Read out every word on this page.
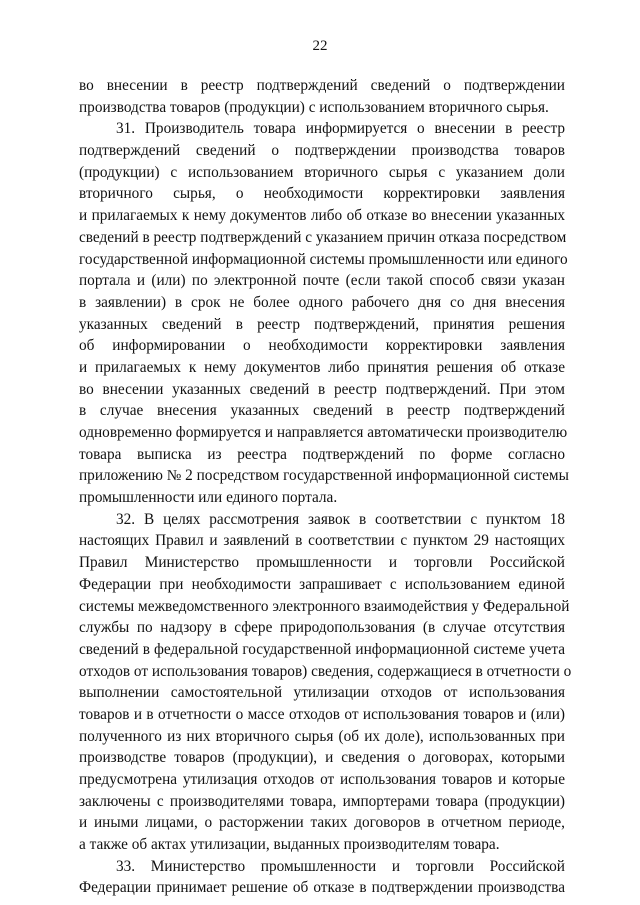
22
во внесении в реестр подтверждений сведений о подтверждении
производства товаров (продукции) с использованием вторичного сырья.
31. Производитель товара информируется о внесении в реестр
подтверждений сведений о подтверждении производства товаров
(продукции) с использованием вторичного сырья с указанием доли
вторичного сырья, о необходимости корректировки заявления
и прилагаемых к нему документов либо об отказе во внесении указанных
сведений в реестр подтверждений с указанием причин отказа посредством
государственной информационной системы промышленности или единого
портала и (или) по электронной почте (если такой способ связи указан
в заявлении) в срок не более одного рабочего дня со дня внесения
указанных сведений в реестр подтверждений, принятия решения
об информировании о необходимости корректировки заявления
и прилагаемых к нему документов либо принятия решения об отказе
во внесении указанных сведений в реестр подтверждений. При этом
в случае внесения указанных сведений в реестр подтверждений
одновременно формируется и направляется автоматически производителю
товара выписка из реестра подтверждений по форме согласно
приложению № 2 посредством государственной информационной системы
промышленности или единого портала.
32. В целях рассмотрения заявок в соответствии с пунктом 18
настоящих Правил и заявлений в соответствии с пунктом 29 настоящих
Правил Министерство промышленности и торговли Российской
Федерации при необходимости запрашивает с использованием единой
системы межведомственного электронного взаимодействия у Федеральной
службы по надзору в сфере природопользования (в случае отсутствия
сведений в федеральной государственной информационной системе учета
отходов от использования товаров) сведения, содержащиеся в отчетности о
выполнении самостоятельной утилизации отходов от использования
товаров и в отчетности о массе отходов от использования товаров и (или)
полученного из них вторичного сырья (об их доле), использованных при
производстве товаров (продукции), и сведения о договорах, которыми
предусмотрена утилизация отходов от использования товаров и которые
заключены с производителями товара, импортерами товара (продукции)
и иными лицами, о расторжении таких договоров в отчетном периоде,
а также об актах утилизации, выданных производителям товара.
33. Министерство промышленности и торговли Российской
Федерации принимает решение об отказе в подтверждении производства
